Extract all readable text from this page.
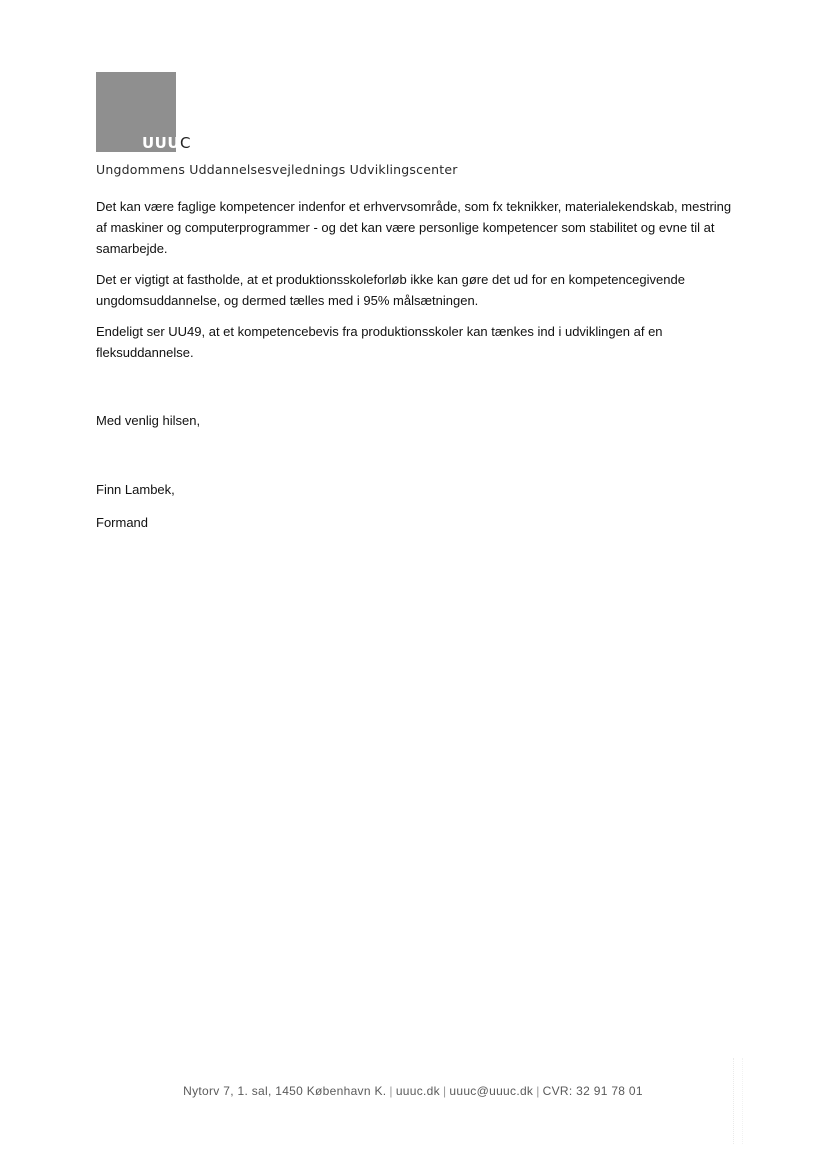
UUUC
Ungdommens Uddannelsesvejlednings Udviklingscenter

Det kan være faglige kompetencer indenfor et erhvervsområde, som fx teknikker, materialekendskab, mestring af maskiner og computerprogrammer - og det kan være personlige kompetencer som stabilitet og evne til at samarbejde.

Det er vigtigt at fastholde, at et produktionsskoleforløb ikke kan gøre det ud for en kompetencegivende ungdomsuddannelse, og dermed tælles med i 95% målsætningen.

Endeligt ser UU49, at et kompetencebevis fra produktionsskoler kan tænkes ind i udviklingen af en fleksuddannelse.

Med venlig hilsen,
Finn Lambek,
Formand
Nytorv 7, 1. sal, 1450 København K. | uuuc.dk | uuuc@uuuc.dk | CVR: 32 91 78 01
